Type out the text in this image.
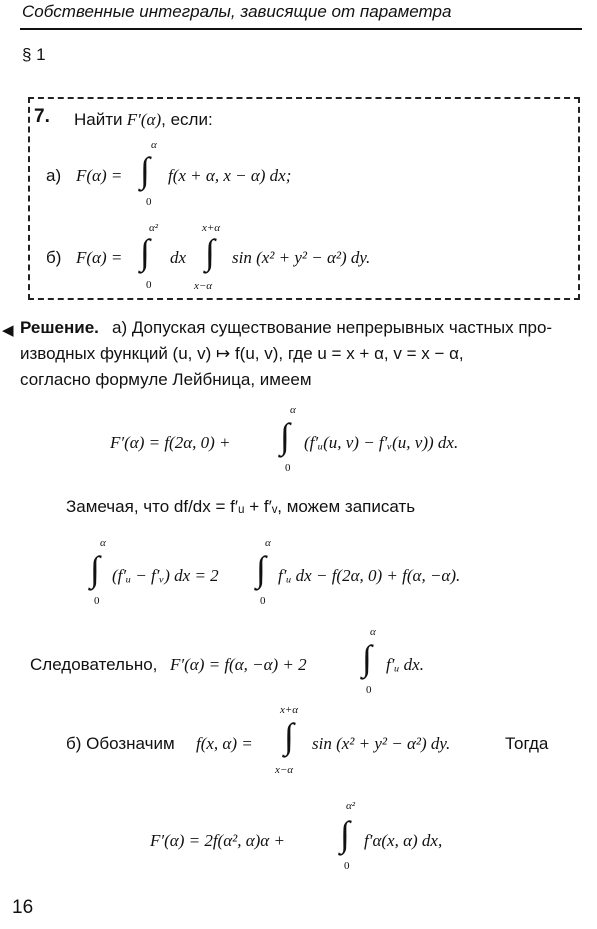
Собственные интегралы, зависящие от параметра
§ 1
7. Найти F′(α), если:
а) F(α) =
α
∫
0
f(x + α, x − α) dx;
б) F(α) =
α²
∫
0
dx
x+α
∫
x−α
sin (x² + y² − α²) dy.
◀ Решение. а) Допуская существование непрерывных частных про-
изводных функций (u, v) ↦ f(u, v), где u = x + α, v = x − α,
согласно формуле Лейбница, имеем
F′(α) = f(2α, 0) +
α
∫
0
(f′ᵤ(u, v) − f′ᵥ(u, v)) dx.
Замечая, что df/dx = f′ᵤ + f′ᵥ, можем записать
α
∫
0
(f′ᵤ − f′ᵥ) dx = 2
α
∫
0
f′ᵤ dx − f(2α, 0) + f(α, −α).
Следовательно, F′(α) = f(α, −α) + 2
α
∫
0
f′ᵤ dx.
б) Обозначим f(x, α) =
x+α
∫
x−α
sin (x² + y² − α²) dy.	Тогда
F′(α) = 2f(α², α)α +
α²
∫
0
f′α(x, α) dx,
16
